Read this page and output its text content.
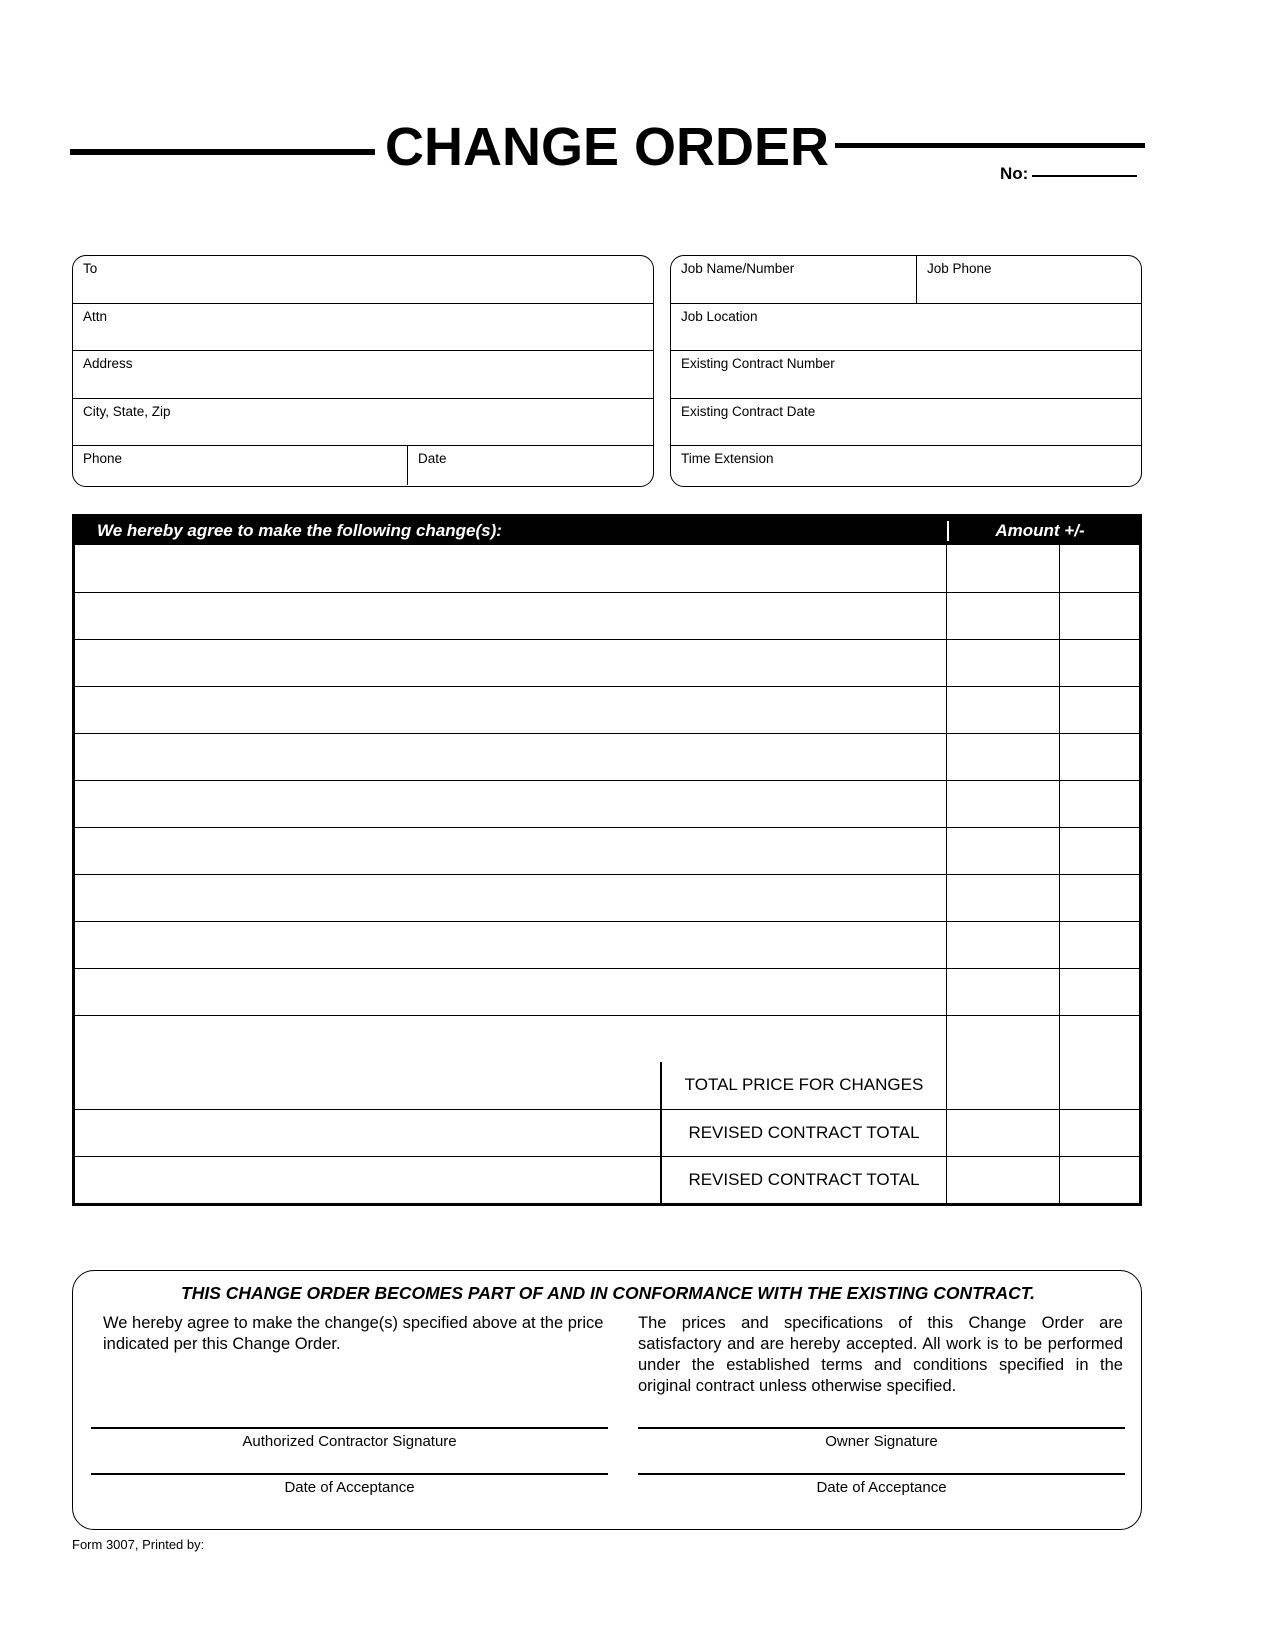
CHANGE ORDER	No:
To
Attn
Address
City, State, Zip
Phone	Date
Job Name/Number	Job Phone
Job Location
Existing Contract Number
Existing Contract Date
Time Extension
We hereby agree to make the following change(s):	Amount +/-
TOTAL PRICE FOR CHANGES
REVISED CONTRACT TOTAL
REVISED CONTRACT TOTAL
THIS CHANGE ORDER BECOMES PART OF AND IN CONFORMANCE WITH THE EXISTING CONTRACT.

We hereby agree to make the change(s) specified above at the price indicated per this Change Order.

The prices and specifications of this Change Order are satisfactory and are hereby accepted. All work is to be performed under the established terms and conditions specified in the original contract unless otherwise specified.

Authorized Contractor Signature	Owner Signature
Date of Acceptance	Date of Acceptance
Form 3007, Printed by:
